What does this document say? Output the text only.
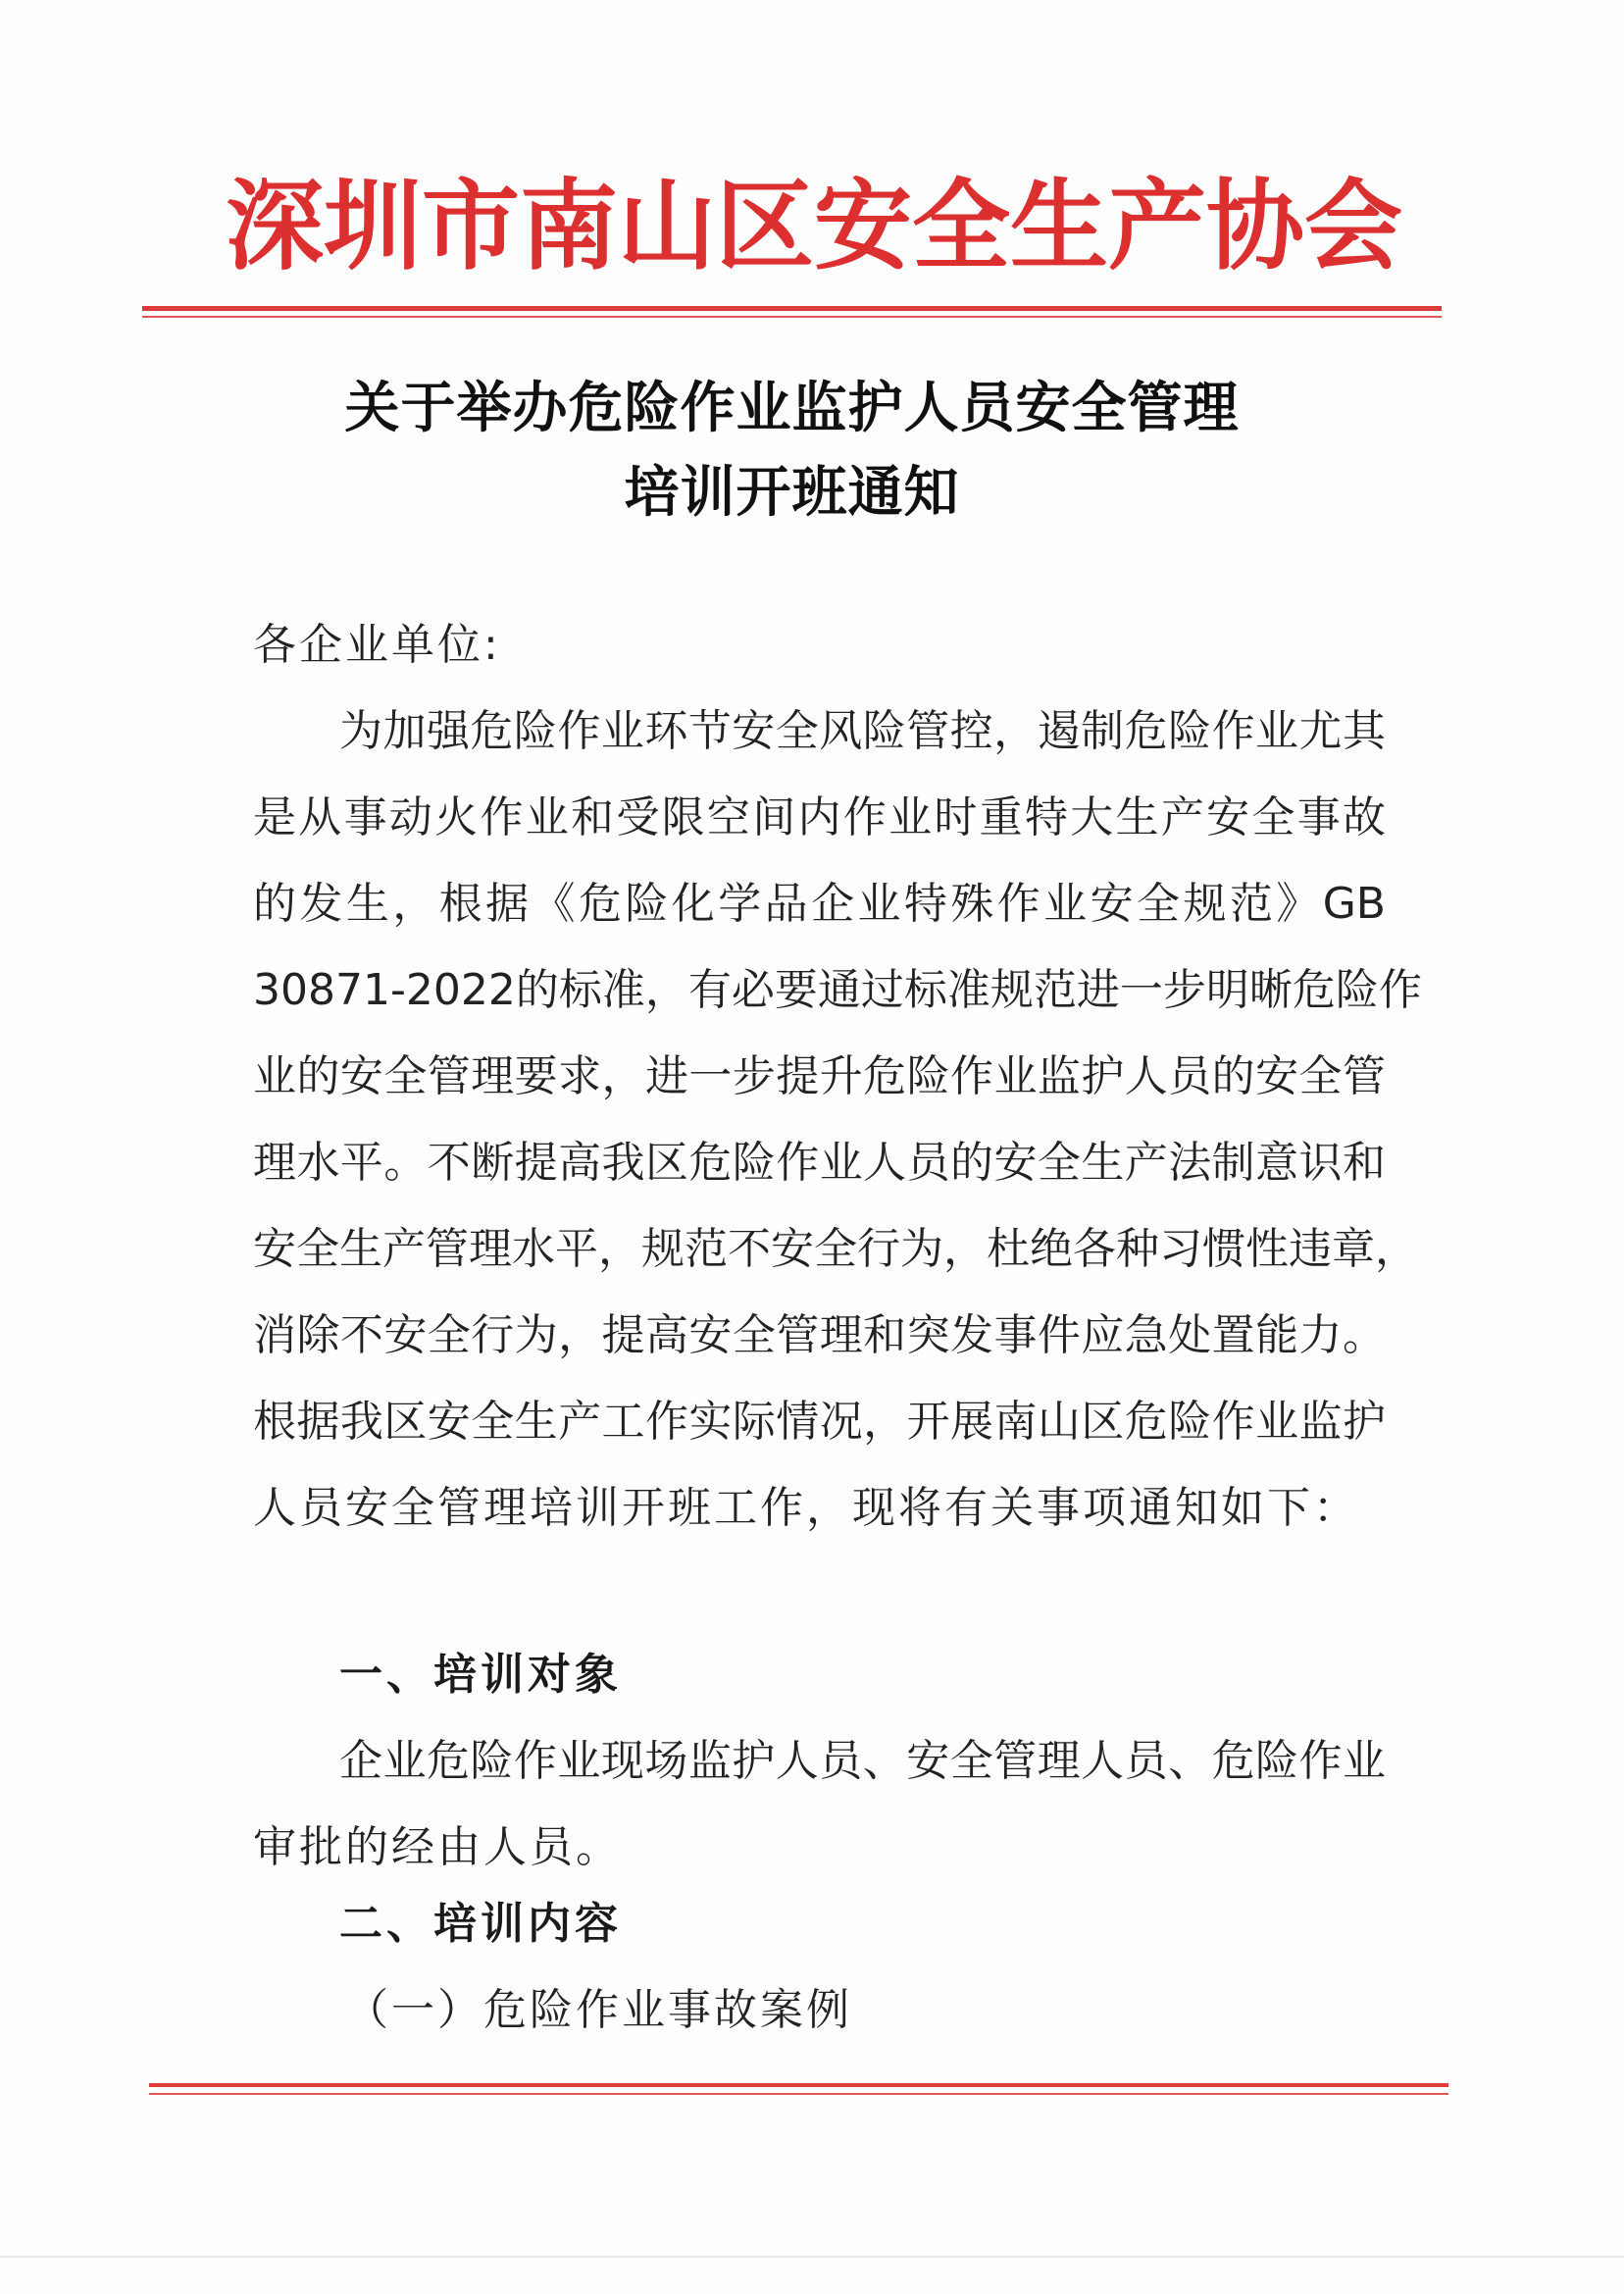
深 圳 市 南 山 区 安 全 生 产 协 会
关于举办危险作业监护人员安全管理
培训开班通知
各企业单位:
为加强危险作业环节安全风险管控，遏制危险作业尤其
是从事动火作业和受限空间内作业时重特大生产安全事故
的发生，根据《危险化学品企业特殊作业安全规范》GB
30871-2022的标准，有必要通过标准规范进一步明晰危险作
业的安全管理要求，进一步提升危险作业监护人员的安全管
理水平。不断提高我区危险作业人员的安全生产法制意识和
安全生产管理水平，规范不安全行为，杜绝各种习惯性违章，
消除不安全行为，提高安全管理和突发事件应急处置能力。
根据我区安全生产工作实际情况，开展南山区危险作业监护
人员安全管理培训开班工作，现将有关事项通知如下：
一、培训对象
企业危险作业现场监护人员、安全管理人员、危险作业
审批的经由人员。
二、培训内容
（一）危险作业事故案例
